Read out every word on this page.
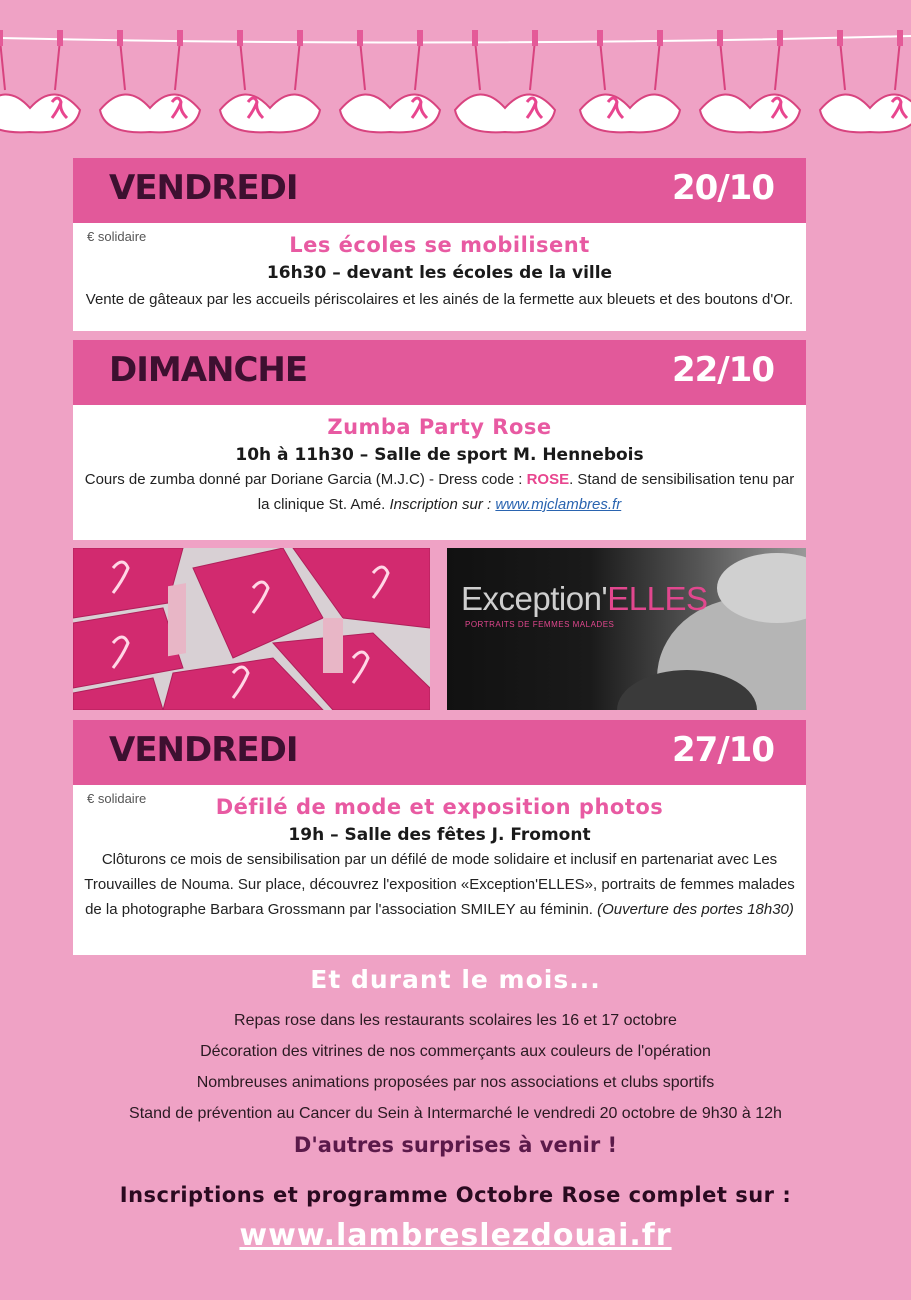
VENDREDI	20/10
€ solidaire	Les écoles se mobilisent
16h30 – devant les écoles de la ville
Vente de gâteaux par les accueils périscolaires et les ainés de la fermette aux bleuets et des boutons d'Or.
DIMANCHE	22/10
Zumba Party Rose
10h à 11h30 – Salle de sport M. Hennebois
Cours de zumba donné par Doriane Garcia (M.J.C) - Dress code : ROSE. Stand de sensibilisation tenu par la clinique St. Amé. Inscription sur : www.mjclambres.fr
Exception'ELLES
PORTRAITS DE FEMMES MALADES
VENDREDI	27/10
€ solidaire	Défilé de mode et exposition photos
19h – Salle des fêtes J. Fromont
Clôturons ce mois de sensibilisation par un défilé de mode solidaire et inclusif en partenariat avec Les Trouvailles de Nouma. Sur place, découvrez l'exposition «Exception'ELLES», portraits de femmes malades de la photographe Barbara Grossmann par l'association SMILEY au féminin. (Ouverture des portes 18h30)
Et durant le mois...
Repas rose dans les restaurants scolaires les 16 et 17 octobre
Décoration des vitrines de nos commerçants aux couleurs de l'opération
Nombreuses animations proposées par nos associations et clubs sportifs
Stand de prévention au Cancer du Sein à Intermarché le vendredi 20 octobre de 9h30 à 12h
D'autres surprises à venir !
Inscriptions et programme Octobre Rose complet sur :
www.lambreslezdouai.fr
